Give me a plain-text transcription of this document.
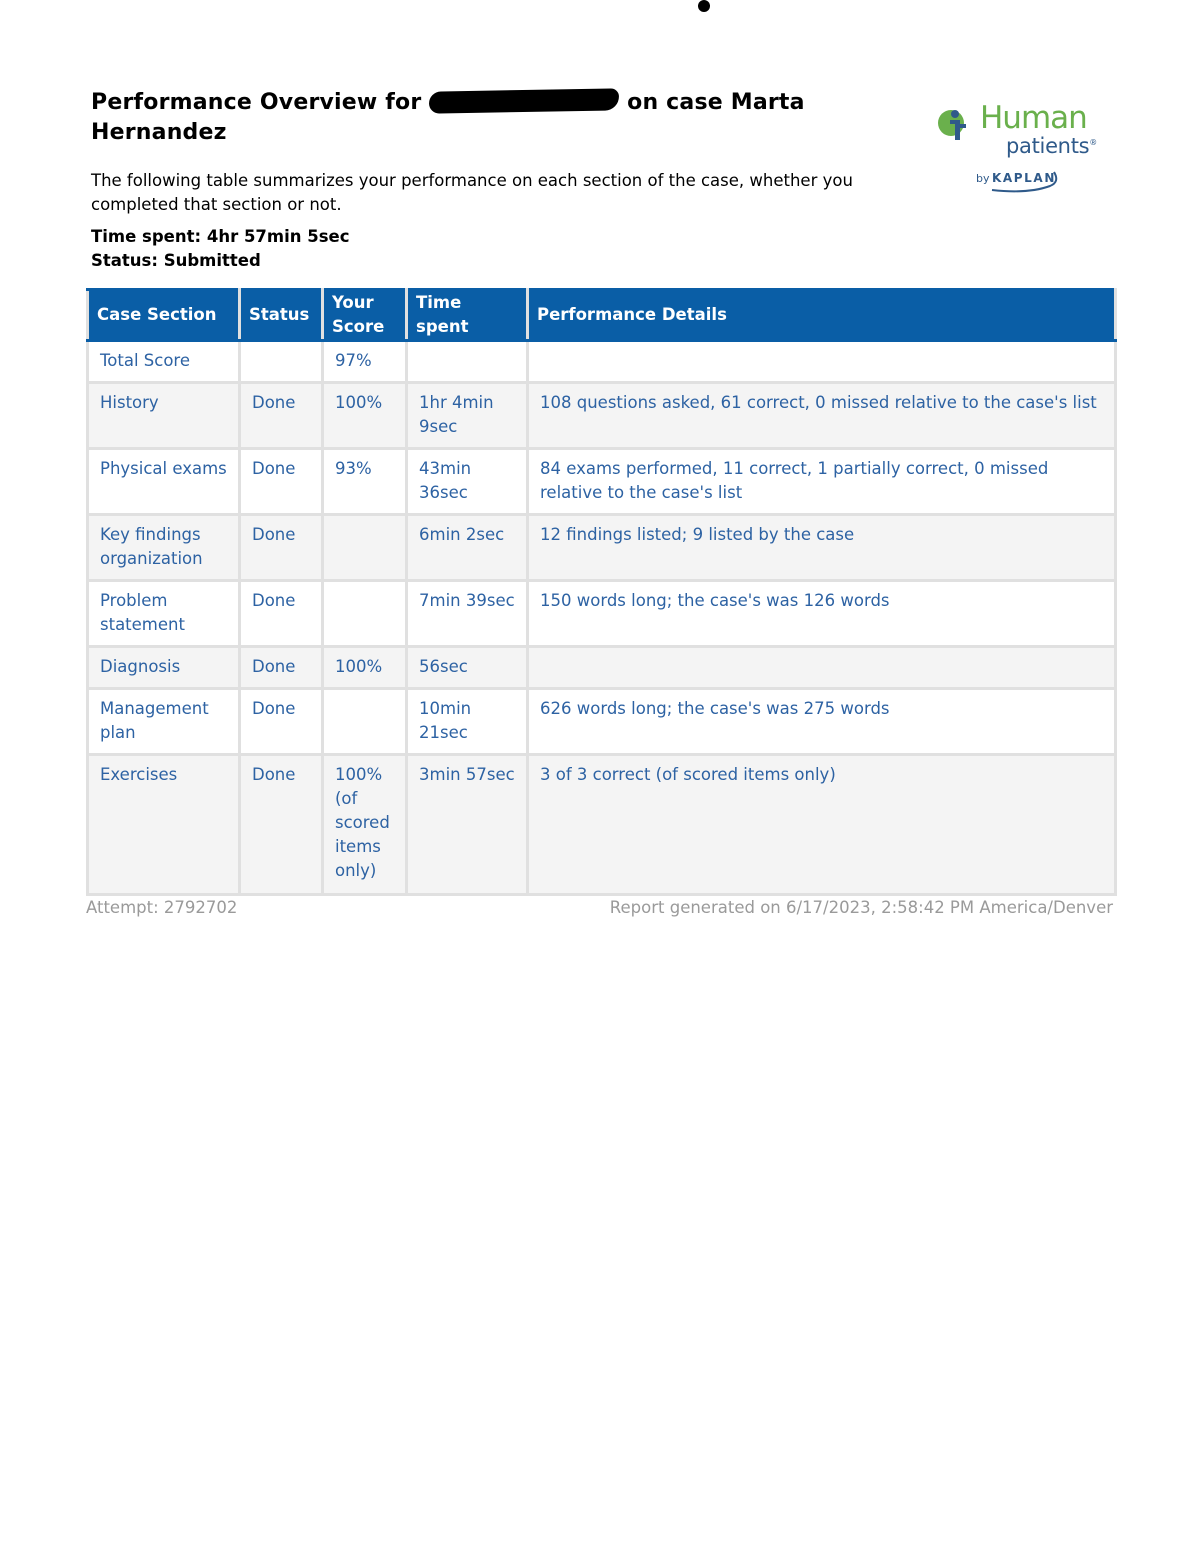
Performance Overview for	on case Marta Hernandez
The following table summarizes your performance on each section of the case, whether you completed that section or not.
Time spent: 4hr 57min 5sec
Status: Submitted
Human
patients®
by KAPLAN
Case Section	Status	Your Score	Time spent	Performance Details
Total Score		97%		
History	Done	100%	1hr 4min 9sec	108 questions asked, 61 correct, 0 missed relative to the case's list
Physical exams	Done	93%	43min 36sec	84 exams performed, 11 correct, 1 partially correct, 0 missed relative to the case's list
Key findings organization	Done		6min 2sec	12 findings listed; 9 listed by the case
Problem statement	Done		7min 39sec	150 words long; the case's was 126 words
Diagnosis	Done	100%	56sec	
Management plan	Done		10min 21sec	626 words long; the case's was 275 words
Exercises	Done	100% (of scored items only)	3min 57sec	3 of 3 correct (of scored items only)
Attempt: 2792702	Report generated on 6/17/2023, 2:58:42 PM America/Denver
